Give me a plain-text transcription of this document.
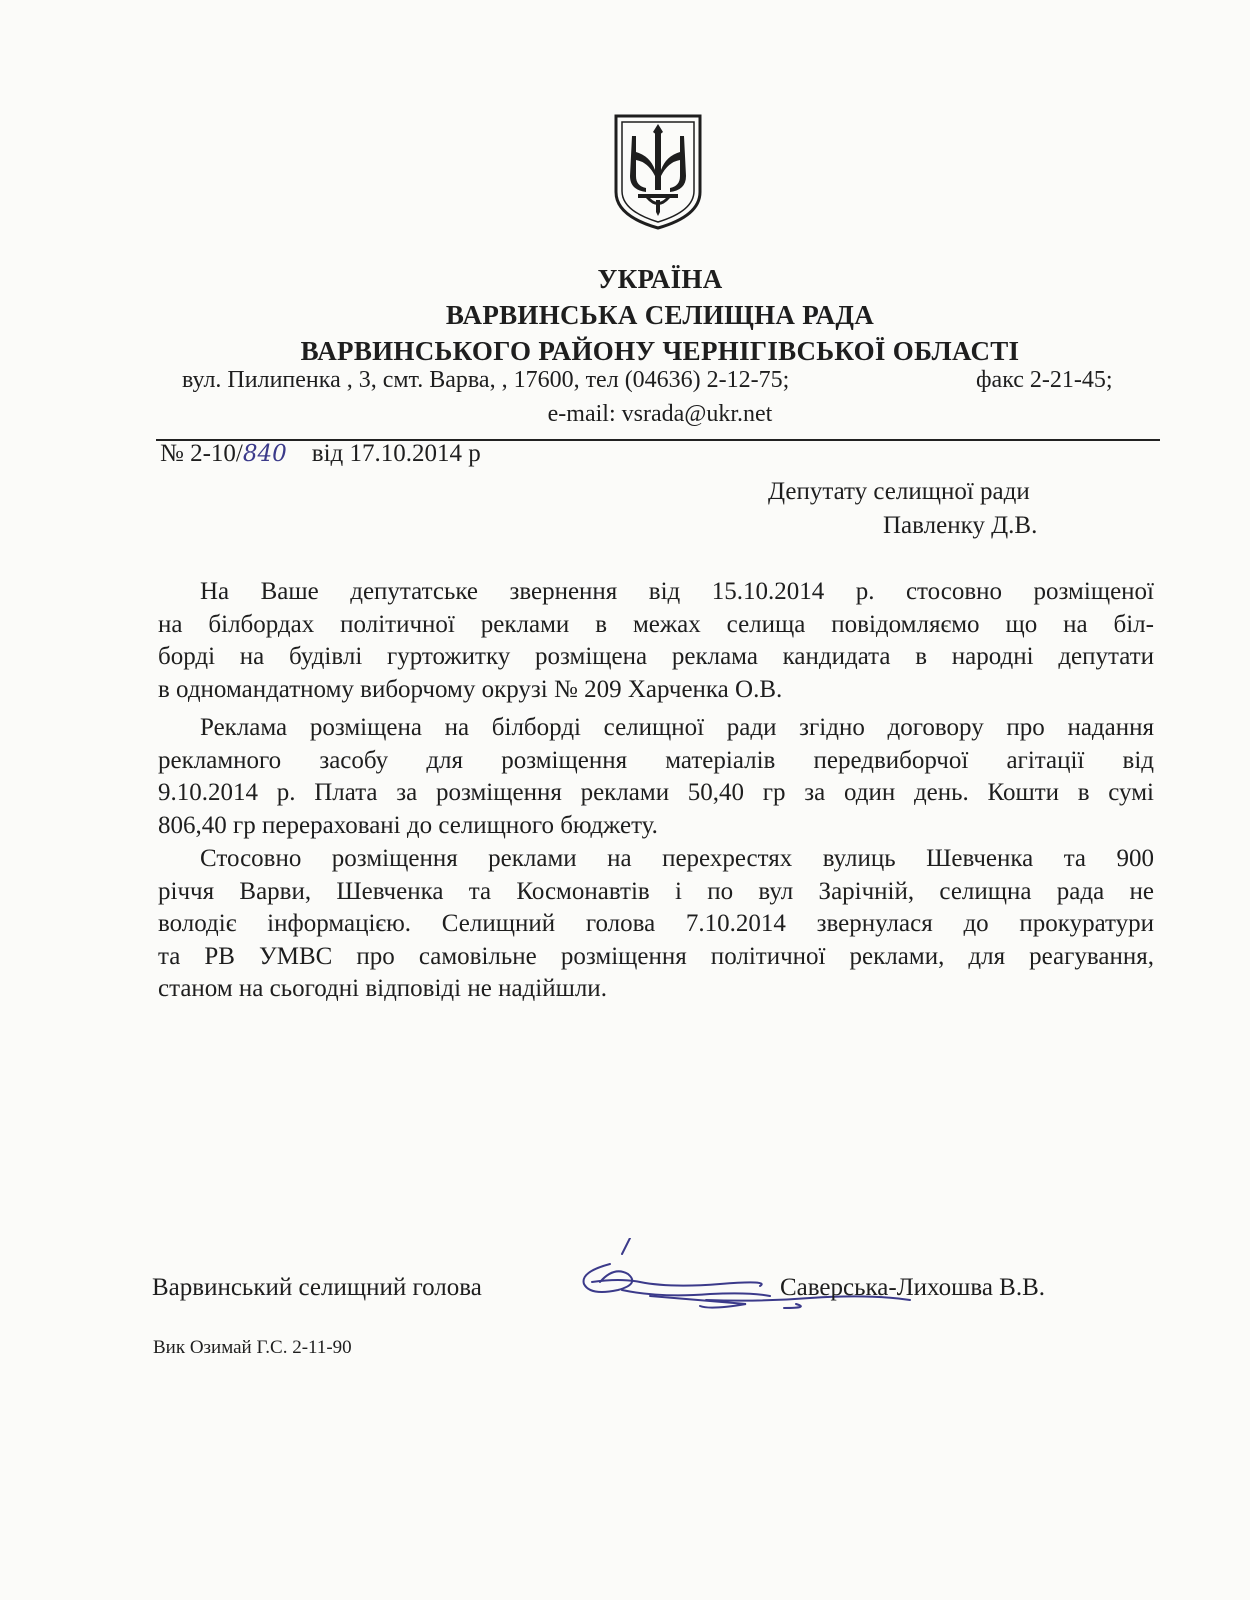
УКРАЇНА
ВАРВИНСЬКА СЕЛИЩНА РАДА
ВАРВИНСЬКОГО РАЙОНУ ЧЕРНІГІВСЬКОЇ ОБЛАСТІ
вул. Пилипенка , 3, смт. Варва, , 17600, тел (04636) 2-12-75;	факс 2-21-45;
e-mail: vsrada@ukr.net
№ 2-10/840 від 17.10.2014 р
Депутату селищної ради
Павленку Д.В.

На Ваше депутатське звернення від 15.10.2014 р. стосовно розміщеної

на білбордах політичної реклами в межах селища повідомляємо що на біл-

борді на будівлі гуртожитку розміщена реклама кандидата в народні депутати

в одномандатному виборчому окрузі № 209 Харченка О.В.

Реклама розміщена на білборді селищної ради згідно договору про надання

рекламного засобу для розміщення матеріалів передвиборчої агітації від

9.10.2014 р. Плата за розміщення реклами 50,40 гр за один день. Кошти в сумі

806,40 гр перераховані до селищного бюджету.

Стосовно розміщення реклами на перехрестях вулиць Шевченка та 900

річчя Варви, Шевченка та Космонавтів і по вул Зарічній, селищна рада не

володіє інформацією. Селищний голова 7.10.2014 звернулася до прокуратури

та РВ УМВС про самовільне розміщення політичної реклами, для реагування,

станом на сьогодні відповіді не надійшли.

Варвинський селищний голова	Саверська-Лихошва В.В.
Вик Озимай Г.С. 2-11-90
